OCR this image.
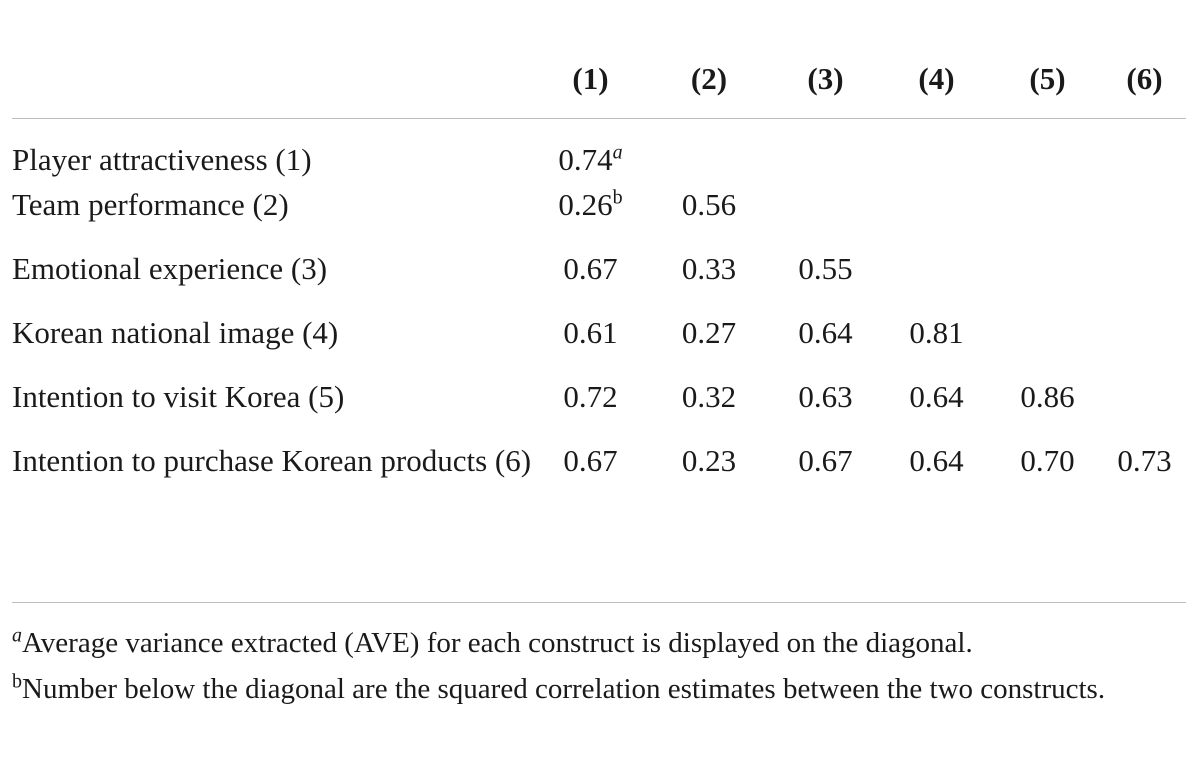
	(1)	(2)	(3)	(4)	(5)	(6)
Player attractiveness (1)	0.74$^a$					
Team performance (2)	0.26$^b$	0.56				
Emotional experience (3)	0.67	0.33	0.55			
Korean national image (4)	0.61	0.27	0.64	0.81		
Intention to visit Korea (5)	0.72	0.32	0.63	0.64	0.86	
Intention to purchase Korean products (6)	0.67	0.23	0.67	0.64	0.70	0.73

$^a$Average variance extracted (AVE) for each construct is displayed on the diagonal.

$^b$Number below the diagonal are the squared correlation estimates between the two constructs.
